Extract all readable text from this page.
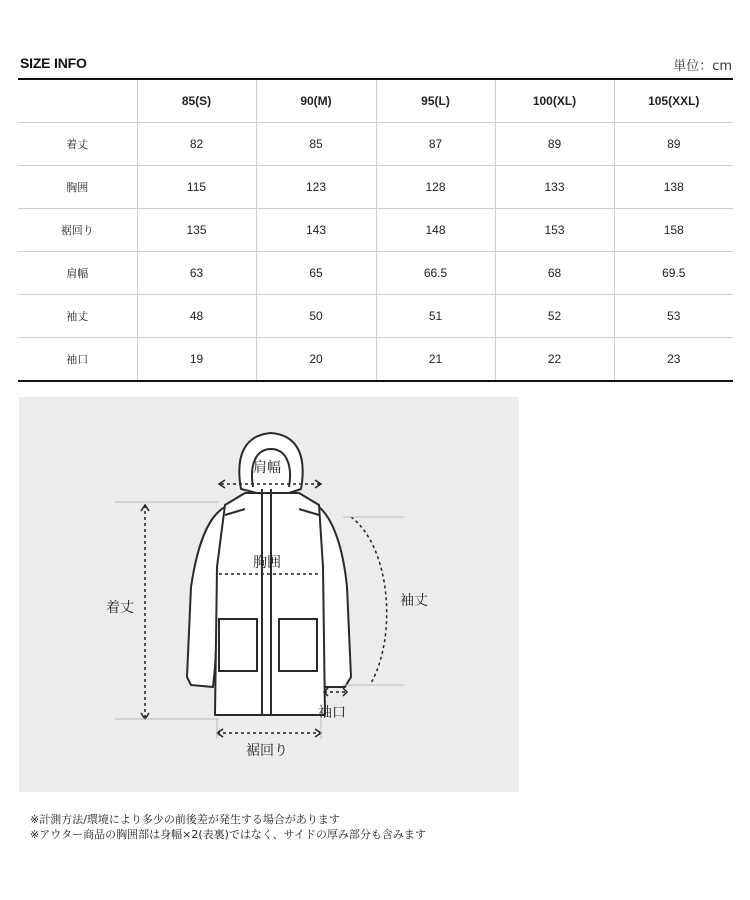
SIZE INFO	単位：cm
	85(S)	90(M)	95(L)	100(XL)	105(XXL)
着丈	82	85	87	89	89
胸囲	115	123	128	133	138
裾回り	135	143	148	153	158
肩幅	63	65	66.5	68	69.5
袖丈	48	50	51	52	53
袖口	19	20	21	22	23
肩幅
胸囲
着丈	袖丈
袖口
裾回り
※計測方法/環境により多少の前後差が発生する場合があります
※アウター商品の胸囲部は身幅×2(表裏)ではなく、サイドの厚み部分も含みます
